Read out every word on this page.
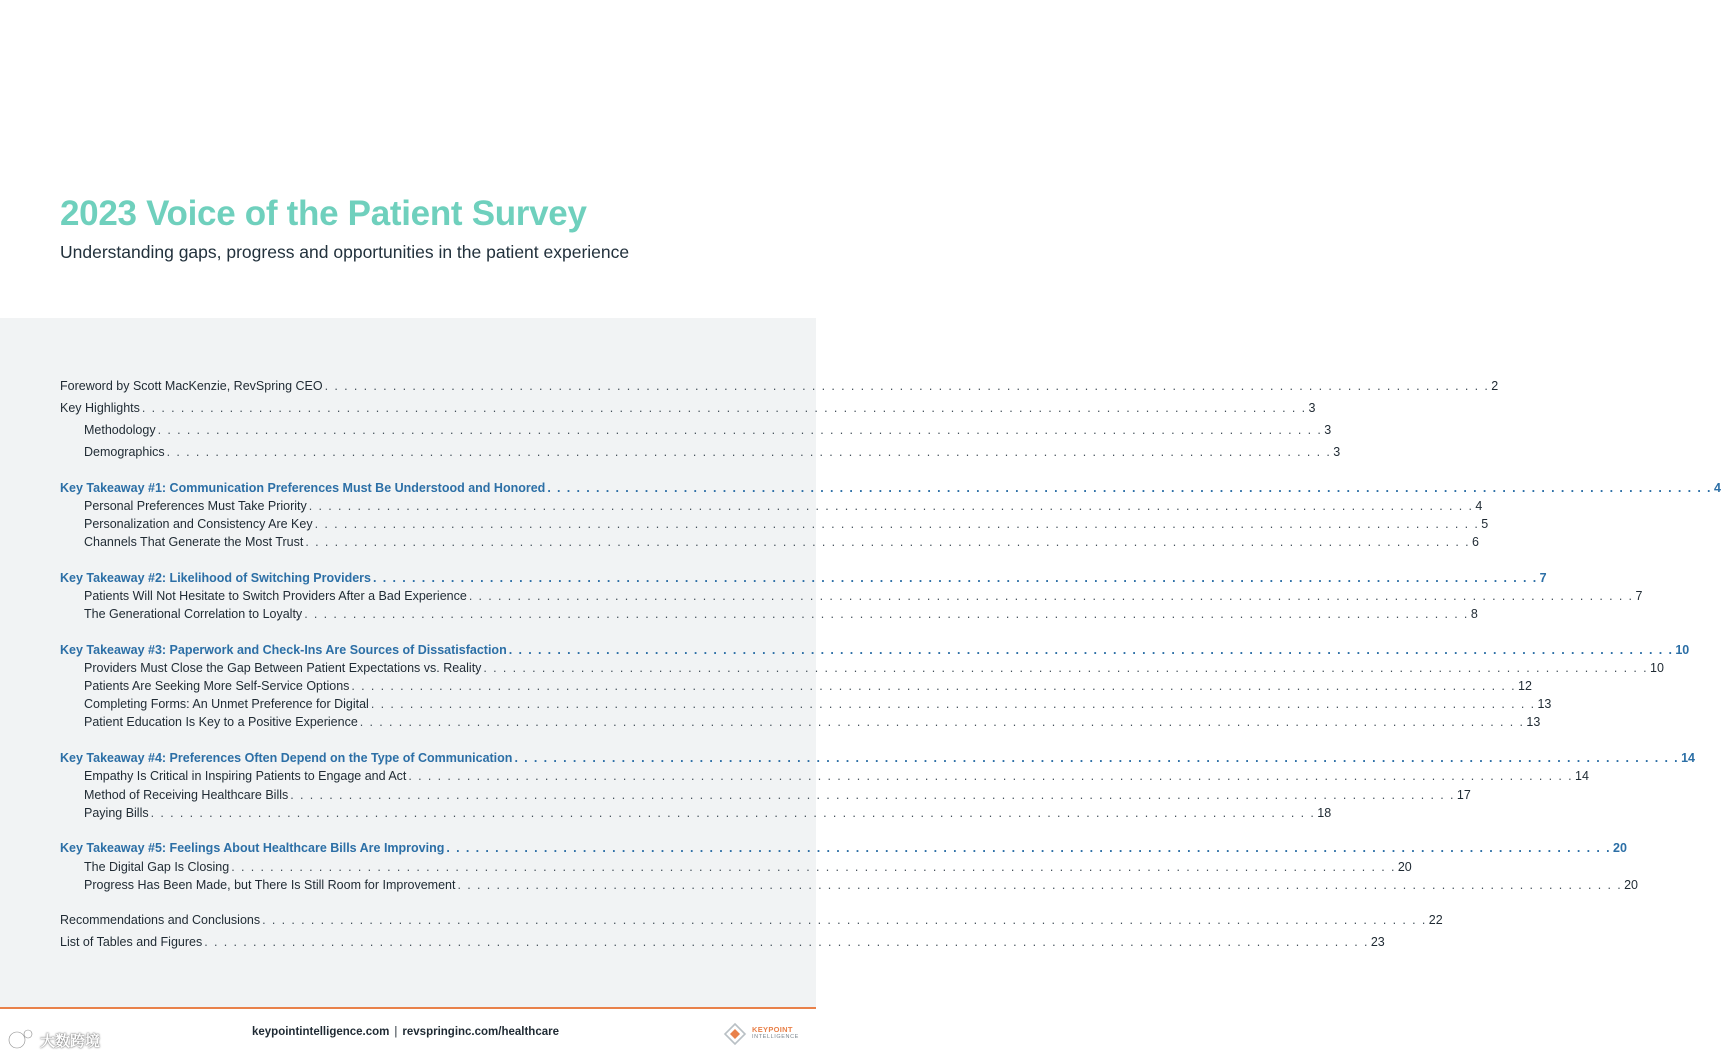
2023 Voice of the Patient Survey

Understanding gaps, progress and opportunities in the patient experience

Foreword by Scott MacKenzie, RevSpring CEO . . . . . . . . . . . . . . . . . . . . . . . . . . . . . . . . . . . . . . . . . . . . . . . . . . . . . . . . . . . . . . . . . . . . . . . . . . . . . . . . . . . . . . . . . . . . . . . . . . . . . . . . . . . . . . . . . . . . . . . . 2
Key Highlights . . . . . . . . . . . . . . . . . . . . . . . . . . . . . . . . . . . . . . . . . . . . . . . . . . . . . . . . . . . . . . . . . . . . . . . . . . . . . . . . . . . . . . . . . . . . . . . . . . . . . . . . . . . . . . . . . . . . . . . . 3
Methodology . . . . . . . . . . . . . . . . . . . . . . . . . . . . . . . . . . . . . . . . . . . . . . . . . . . . . . . . . . . . . . . . . . . . . . . . . . . . . . . . . . . . . . . . . . . . . . . . . . . . . . . . . . . . . . . . . . . . . . . . 3
Demographics . . . . . . . . . . . . . . . . . . . . . . . . . . . . . . . . . . . . . . . . . . . . . . . . . . . . . . . . . . . . . . . . . . . . . . . . . . . . . . . . . . . . . . . . . . . . . . . . . . . . . . . . . . . . . . . . . . . . . . . . 3
Key Takeaway #1: Communication Preferences Must Be Understood and Honored . . . . . . . . . . . . . . . . . . . . . . . . . . . . . . . . . . . . . . . . . . . . . . . . . . . . . . . . . . . . . . . . . . . . . . . . . . . . . . . . . . . . . . . . . . . . . . . . . . . . . . . . . . . . . . . . . . . . . . . . 4
Personal Preferences Must Take Priority . . . . . . . . . . . . . . . . . . . . . . . . . . . . . . . . . . . . . . . . . . . . . . . . . . . . . . . . . . . . . . . . . . . . . . . . . . . . . . . . . . . . . . . . . . . . . . . . . . . . . . . . . . . . . . . . . . . . . . . . 4
Personalization and Consistency Are Key . . . . . . . . . . . . . . . . . . . . . . . . . . . . . . . . . . . . . . . . . . . . . . . . . . . . . . . . . . . . . . . . . . . . . . . . . . . . . . . . . . . . . . . . . . . . . . . . . . . . . . . . . . . . . . . . . . . . . . . . 5
Channels That Generate the Most Trust . . . . . . . . . . . . . . . . . . . . . . . . . . . . . . . . . . . . . . . . . . . . . . . . . . . . . . . . . . . . . . . . . . . . . . . . . . . . . . . . . . . . . . . . . . . . . . . . . . . . . . . . . . . . . . . . . . . . . . . . 6
Key Takeaway #2: Likelihood of Switching Providers . . . . . . . . . . . . . . . . . . . . . . . . . . . . . . . . . . . . . . . . . . . . . . . . . . . . . . . . . . . . . . . . . . . . . . . . . . . . . . . . . . . . . . . . . . . . . . . . . . . . . . . . . . . . . . . . . . . . . . . . 7
Patients Will Not Hesitate to Switch Providers After a Bad Experience . . . . . . . . . . . . . . . . . . . . . . . . . . . . . . . . . . . . . . . . . . . . . . . . . . . . . . . . . . . . . . . . . . . . . . . . . . . . . . . . . . . . . . . . . . . . . . . . . . . . . . . . . . . . . . . . . . . . . . . . 7
The Generational Correlation to Loyalty . . . . . . . . . . . . . . . . . . . . . . . . . . . . . . . . . . . . . . . . . . . . . . . . . . . . . . . . . . . . . . . . . . . . . . . . . . . . . . . . . . . . . . . . . . . . . . . . . . . . . . . . . . . . . . . . . . . . . . . . 8
Key Takeaway #3: Paperwork and Check-Ins Are Sources of Dissatisfaction . . . . . . . . . . . . . . . . . . . . . . . . . . . . . . . . . . . . . . . . . . . . . . . . . . . . . . . . . . . . . . . . . . . . . . . . . . . . . . . . . . . . . . . . . . . . . . . . . . . . . . . . . . . . . . . . . . . . . . . . 10
Providers Must Close the Gap Between Patient Expectations vs. Reality . . . . . . . . . . . . . . . . . . . . . . . . . . . . . . . . . . . . . . . . . . . . . . . . . . . . . . . . . . . . . . . . . . . . . . . . . . . . . . . . . . . . . . . . . . . . . . . . . . . . . . . . . . . . . . . . . . . . . . . . 10
Patients Are Seeking More Self-Service Options . . . . . . . . . . . . . . . . . . . . . . . . . . . . . . . . . . . . . . . . . . . . . . . . . . . . . . . . . . . . . . . . . . . . . . . . . . . . . . . . . . . . . . . . . . . . . . . . . . . . . . . . . . . . . . . . . . . . . . . . 12
Completing Forms: An Unmet Preference for Digital . . . . . . . . . . . . . . . . . . . . . . . . . . . . . . . . . . . . . . . . . . . . . . . . . . . . . . . . . . . . . . . . . . . . . . . . . . . . . . . . . . . . . . . . . . . . . . . . . . . . . . . . . . . . . . . . . . . . . . . . 13
Patient Education Is Key to a Positive Experience . . . . . . . . . . . . . . . . . . . . . . . . . . . . . . . . . . . . . . . . . . . . . . . . . . . . . . . . . . . . . . . . . . . . . . . . . . . . . . . . . . . . . . . . . . . . . . . . . . . . . . . . . . . . . . . . . . . . . . . . 13
Key Takeaway #4: Preferences Often Depend on the Type of Communication . . . . . . . . . . . . . . . . . . . . . . . . . . . . . . . . . . . . . . . . . . . . . . . . . . . . . . . . . . . . . . . . . . . . . . . . . . . . . . . . . . . . . . . . . . . . . . . . . . . . . . . . . . . . . . . . . . . . . . . . 14
Empathy Is Critical in Inspiring Patients to Engage and Act . . . . . . . . . . . . . . . . . . . . . . . . . . . . . . . . . . . . . . . . . . . . . . . . . . . . . . . . . . . . . . . . . . . . . . . . . . . . . . . . . . . . . . . . . . . . . . . . . . . . . . . . . . . . . . . . . . . . . . . . 14
Method of Receiving Healthcare Bills . . . . . . . . . . . . . . . . . . . . . . . . . . . . . . . . . . . . . . . . . . . . . . . . . . . . . . . . . . . . . . . . . . . . . . . . . . . . . . . . . . . . . . . . . . . . . . . . . . . . . . . . . . . . . . . . . . . . . . . . 17
Paying Bills . . . . . . . . . . . . . . . . . . . . . . . . . . . . . . . . . . . . . . . . . . . . . . . . . . . . . . . . . . . . . . . . . . . . . . . . . . . . . . . . . . . . . . . . . . . . . . . . . . . . . . . . . . . . . . . . . . . . . . . . 18
Key Takeaway #5: Feelings About Healthcare Bills Are Improving . . . . . . . . . . . . . . . . . . . . . . . . . . . . . . . . . . . . . . . . . . . . . . . . . . . . . . . . . . . . . . . . . . . . . . . . . . . . . . . . . . . . . . . . . . . . . . . . . . . . . . . . . . . . . . . . . . . . . . . . 20
The Digital Gap Is Closing . . . . . . . . . . . . . . . . . . . . . . . . . . . . . . . . . . . . . . . . . . . . . . . . . . . . . . . . . . . . . . . . . . . . . . . . . . . . . . . . . . . . . . . . . . . . . . . . . . . . . . . . . . . . . . . . . . . . . . . . 20
Progress Has Been Made, but There Is Still Room for Improvement . . . . . . . . . . . . . . . . . . . . . . . . . . . . . . . . . . . . . . . . . . . . . . . . . . . . . . . . . . . . . . . . . . . . . . . . . . . . . . . . . . . . . . . . . . . . . . . . . . . . . . . . . . . . . . . . . . . . . . . . 20
Recommendations and Conclusions . . . . . . . . . . . . . . . . . . . . . . . . . . . . . . . . . . . . . . . . . . . . . . . . . . . . . . . . . . . . . . . . . . . . . . . . . . . . . . . . . . . . . . . . . . . . . . . . . . . . . . . . . . . . . . . . . . . . . . . . 22
List of Tables and Figures . . . . . . . . . . . . . . . . . . . . . . . . . . . . . . . . . . . . . . . . . . . . . . . . . . . . . . . . . . . . . . . . . . . . . . . . . . . . . . . . . . . . . . . . . . . . . . . . . . . . . . . . . . . . . . . . . . . . . . . . 23
keypointintelligence.com | revspringinc.com/healthcare	KEYPOINT
INTELLIGENCE
大数跨境
